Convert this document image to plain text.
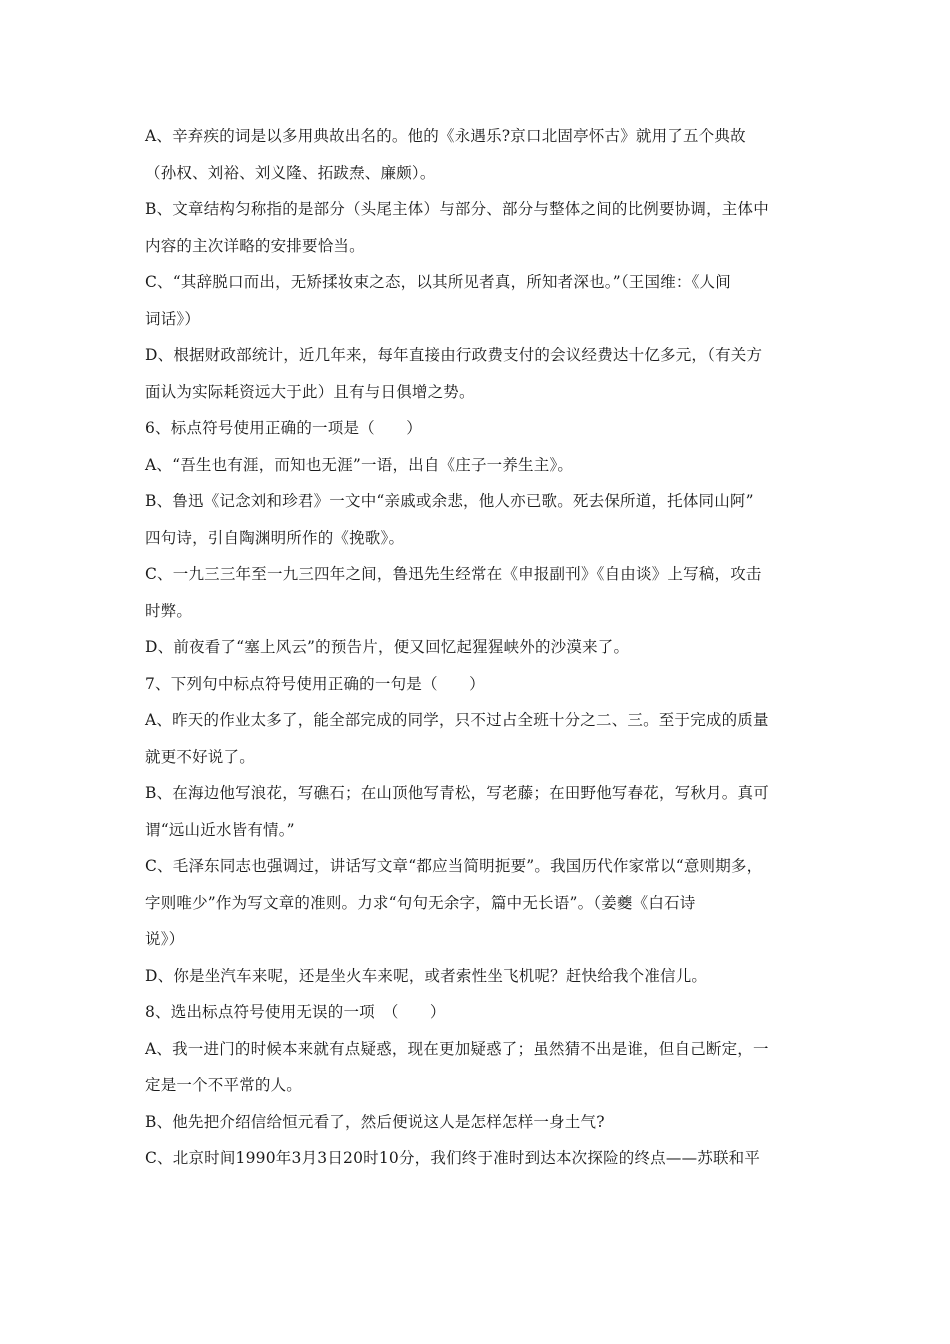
A、辛弃疾的词是以多用典故出名的。他的《永遇乐?京口北固亭怀古》就用了五个典故
（孙权、刘裕、刘义隆、拓跋焘、廉颇）。
B、文章结构匀称指的是部分（头尾主体）与部分、部分与整体之间的比例要协调，主体中
内容的主次详略的安排要恰当。
C、“其辞脱口而出，无矫揉妆束之态，以其所见者真，所知者深也。”（王国维：《人间
词话》）
D、根据财政部统计，近几年来，每年直接由行政费支付的会议经费达十亿多元，（有关方
面认为实际耗资远大于此）且有与日俱增之势。
6、标点符号使用正确的一项是（　　）
A、“吾生也有涯，而知也无涯”一语，出自《庄子一养生主》。
B、鲁迅《记念刘和珍君》一文中“亲戚或余悲，他人亦已歌。死去保所道，托体同山阿”
四句诗，引自陶渊明所作的《挽歌》。
C、一九三三年至一九三四年之间，鲁迅先生经常在《申报副刊》《自由谈》上写稿，攻击
时弊。
D、前夜看了“塞上风云”的预告片，便又回忆起猩猩峡外的沙漠来了。
7、下列句中标点符号使用正确的一句是（　　）
A、昨天的作业太多了，能全部完成的同学，只不过占全班十分之二、三。至于完成的质量
就更不好说了。
B、在海边他写浪花，写礁石；在山顶他写青松，写老藤；在田野他写春花，写秋月。真可
谓“远山近水皆有情。”
C、毛泽东同志也强调过，讲话写文章“都应当简明扼要”。我国历代作家常以“意则期多，
字则唯少”作为写文章的准则。力求“句句无余字，篇中无长语”。（姜夔《白石诗
说》）
D、你是坐汽车来呢，还是坐火车来呢，或者索性坐飞机呢？赶快给我个准信儿。
8、选出标点符号使用无误的一项　（　　）
A、我一进门的时候本来就有点疑惑，现在更加疑惑了；虽然猜不出是谁，但自己断定，一
定是一个不平常的人。
B、他先把介绍信给恒元看了，然后便说这人是怎样怎样一身土气?
C、北京时间1990年3月3日20时10分，我们终于准时到达本次探险的终点——苏联和平
